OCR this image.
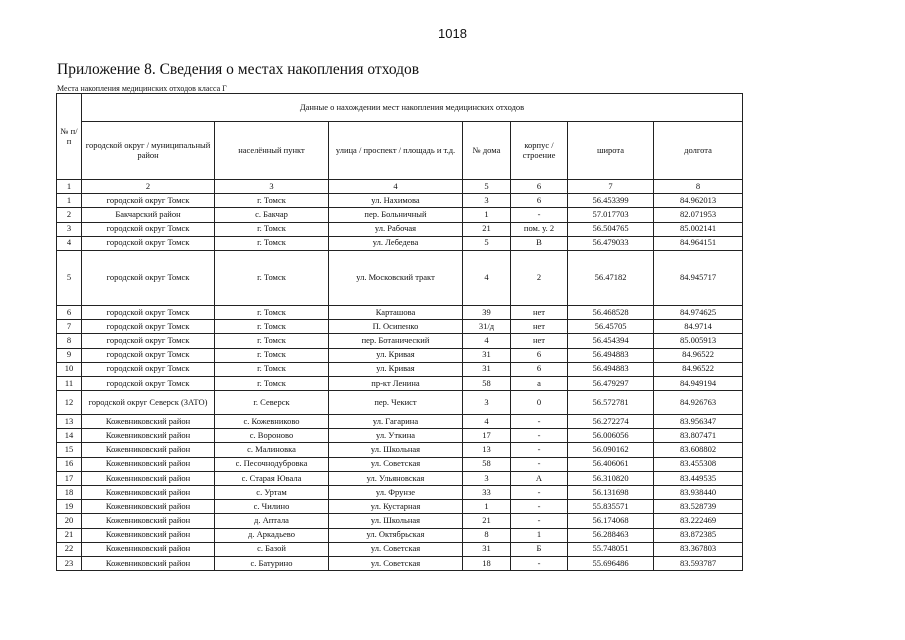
1018
Приложение 8. Сведения о местах накопления отходов
Места накопления медицинских отходов класса Г
№ п/п	Данные о нахождении мест накопления медицинских отходов						
	городской округ / муниципальный район	населённый пункт	улица / проспект / площадь и т.д.	№ дома	корпус / строение	широта	долгота
1	2	3	4	5	6	7	8
1	городской округ Томск	г. Томск	ул. Нахимова	3	6	56.453399	84.962013
2	Бакчарский район	с. Бакчар	пер. Больничный	1	-	57.017703	82.071953
3	городской округ Томск	г. Томск	ул. Рабочая	21	пом. у. 2	56.504765	85.002141
4	городской округ Томск	г. Томск	ул. Лебедева	5	В	56.479033	84.964151
5	городской округ Томск	г. Томск	ул. Московский тракт	4	2	56.47182	84.945717
6	городской округ Томск	г. Томск	Карташова	39	нет	56.468528	84.974625
7	городской округ Томск	г. Томск	П. Осипенко	31/д	нет	56.45705	84.9714
8	городской округ Томск	г. Томск	пер. Ботанический	4	нет	56.454394	85.005913
9	городской округ Томск	г. Томск	ул. Кривая	31	6	56.494883	84.96522
10	городской округ Томск	г. Томск	ул. Кривая	31	6	56.494883	84.96522
11	городской округ Томск	г. Томск	пр-кт Ленина	58	а	56.479297	84.949194
12	городской округ Северск (ЗАТО)	г. Северск	пер. Чекист	3	0	56.572781	84.926763
13	Кожевниковский район	с. Кожевниково	ул. Гагарина	4	-	56.272274	83.956347
14	Кожевниковский район	с. Вороново	ул. Уткина	17	-	56.006056	83.807471
15	Кожевниковский район	с. Малиновка	ул. Школьная	13	-	56.090162	83.608802
16	Кожевниковский район	с. Песочнодубровка	ул. Советская	58	-	56.406061	83.455308
17	Кожевниковский район	с. Старая Ювала	ул. Ульяновская	3	А	56.310820	83.449535
18	Кожевниковский район	с. Уртам	ул. Фрунзе	33	-	56.131698	83.938440
19	Кожевниковский район	с. Чилино	ул. Кустарная	1	-	55.835571	83.528739
20	Кожевниковский район	д. Аптала	ул. Школьная	21	-	56.174068	83.222469
21	Кожевниковский район	д. Аркадьево	ул. Октябрьская	8	1	56.288463	83.872385
22	Кожевниковский район	с. Базой	ул. Советская	31	Б	55.748051	83.367803
23	Кожевниковский район	с. Батурино	ул. Советская	18	-	55.696486	83.593787
